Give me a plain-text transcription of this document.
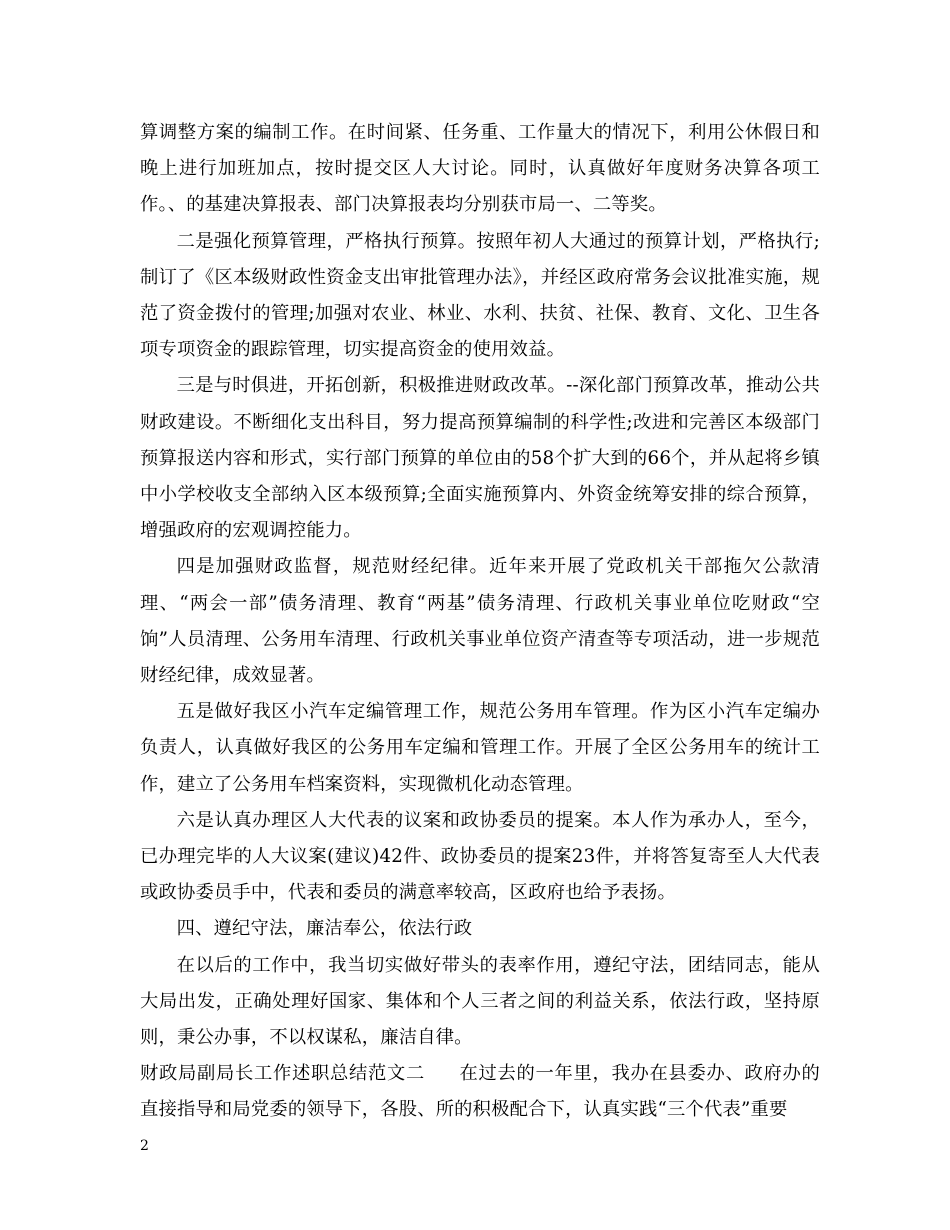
算调整方案的编制工作。在时间紧、任务重、工作量大的情况下，利用公休假日和晚上进行加班加点，按时提交区人大讨论。同时，认真做好年度财务决算各项工作。、的基建决算报表、部门决算报表均分别获市局一、二等奖。

二是强化预算管理，严格执行预算。按照年初人大通过的预算计划，严格执行;制订了《区本级财政性资金支出审批管理办法》，并经区政府常务会议批准实施，规范了资金拨付的管理;加强对农业、林业、水利、扶贫、社保、教育、文化、卫生各项专项资金的跟踪管理，切实提高资金的使用效益。

三是与时俱进，开拓创新，积极推进财政改革。--深化部门预算改革，推动公共财政建设。不断细化支出科目，努力提高预算编制的科学性;改进和完善区本级部门预算报送内容和形式，实行部门预算的单位由的58个扩大到的66个，并从起将乡镇中小学校收支全部纳入区本级预算;全面实施预算内、外资金统筹安排的综合预算，增强政府的宏观调控能力。

四是加强财政监督，规范财经纪律。近年来开展了党政机关干部拖欠公款清理、“两会一部”债务清理、教育“两基”债务清理、行政机关事业单位吃财政“空饷”人员清理、公务用车清理、行政机关事业单位资产清查等专项活动，进一步规范财经纪律，成效显著。

五是做好我区小汽车定编管理工作，规范公务用车管理。作为区小汽车定编办负责人，认真做好我区的公务用车定编和管理工作。开展了全区公务用车的统计工作，建立了公务用车档案资料，实现微机化动态管理。

六是认真办理区人大代表的议案和政协委员的提案。本人作为承办人，至今，已办理完毕的人大议案(建议)42件、政协委员的提案23件，并将答复寄至人大代表或政协委员手中，代表和委员的满意率较高，区政府也给予表扬。

四、遵纪守法，廉洁奉公，依法行政

在以后的工作中，我当切实做好带头的表率作用，遵纪守法，团结同志，能从大局出发，正确处理好国家、集体和个人三者之间的利益关系，依法行政，坚持原则，秉公办事，不以权谋私，廉洁自律。

财政局副局长工作述职总结范文二 在过去的一年里，我办在县委办、政府办的直接指导和局党委的领导下，各股、所的积极配合下，认真实践“三个代表”重要

2
